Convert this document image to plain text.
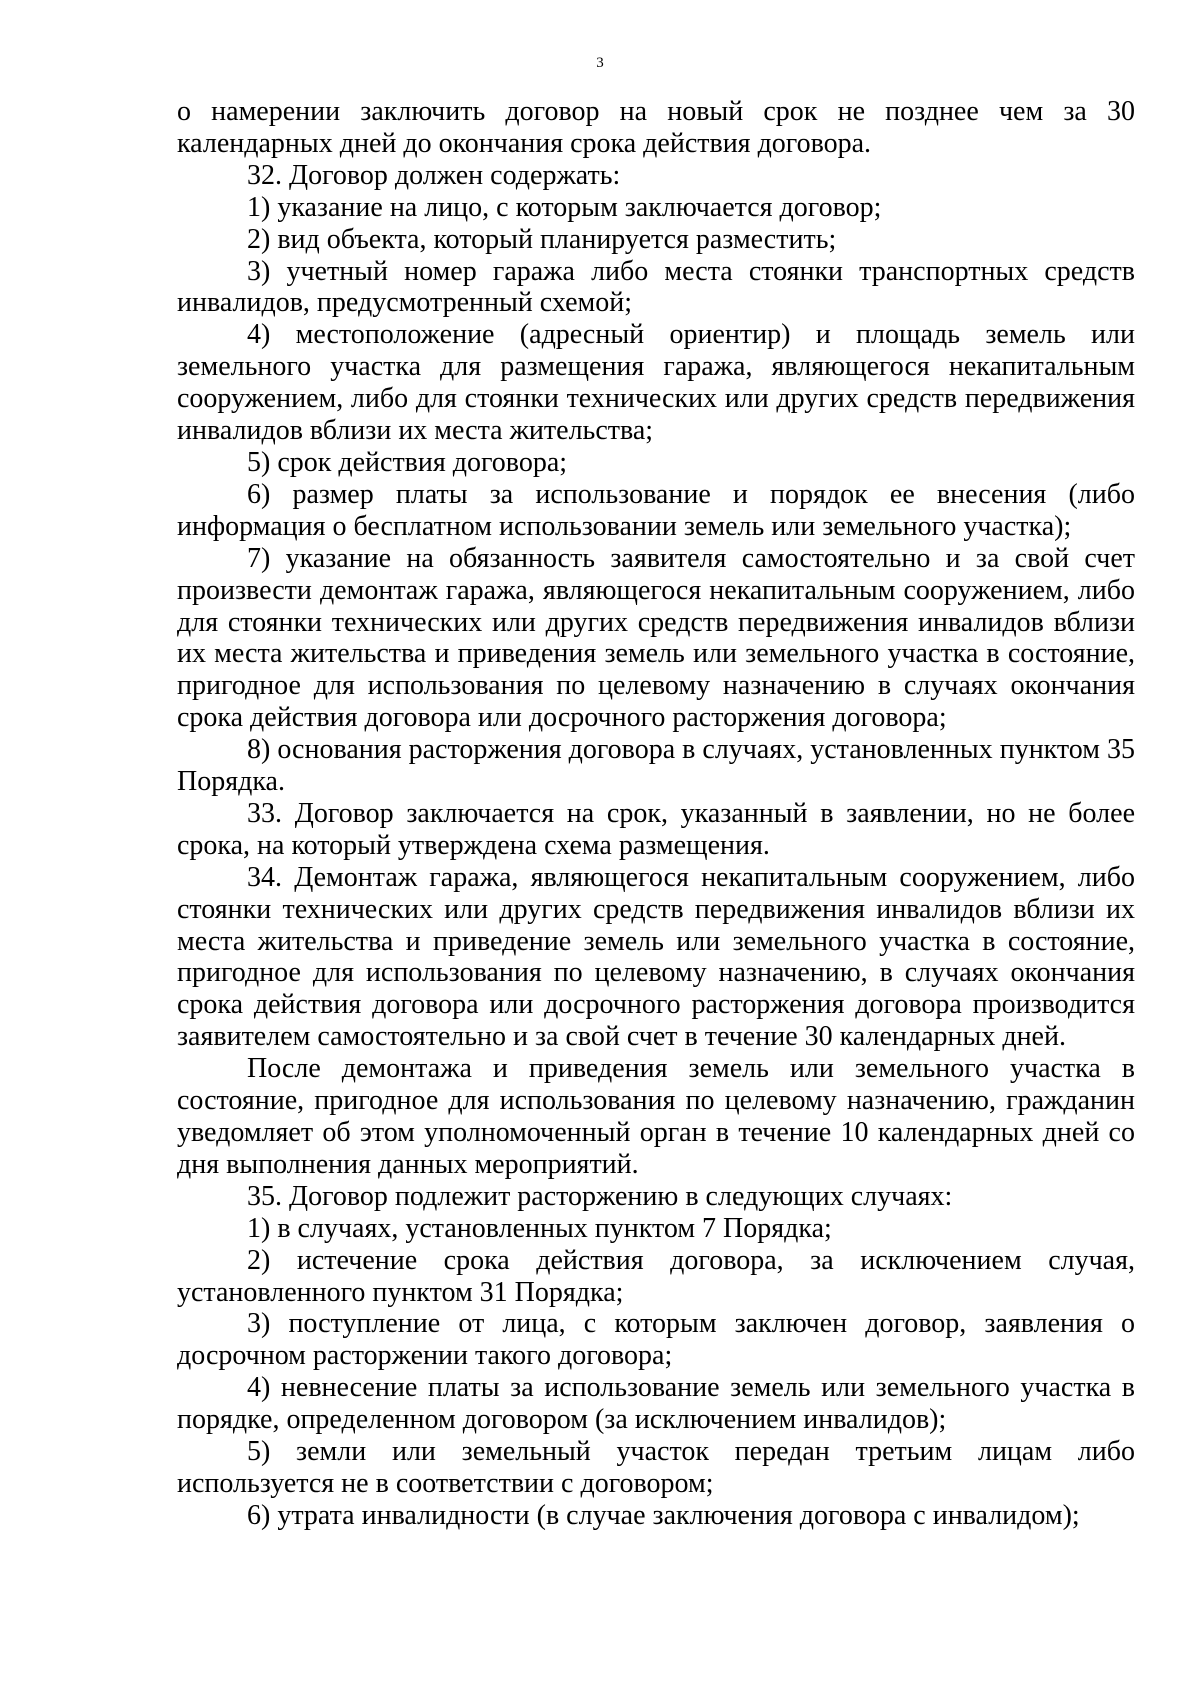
3

о намерении заключить договор на новый срок не позднее чем за 30 календарных дней до окончания срока действия договора.

32. Договор должен содержать:

1) указание на лицо, с которым заключается договор;

2) вид объекта, который планируется разместить;

3) учетный номер гаража либо места стоянки транспортных средств инвалидов, предусмотренный схемой;

4) местоположение (адресный ориентир) и площадь земель или земельного участка для размещения гаража, являющегося некапитальным сооружением, либо для стоянки технических или других средств передвижения инвалидов вблизи их места жительства;

5) срок действия договора;

6) размер платы за использование и порядок ее внесения (либо информация о бесплатном использовании земель или земельного участка);

7) указание на обязанность заявителя самостоятельно и за свой счет произвести демонтаж гаража, являющегося некапитальным сооружением, либо для стоянки технических или других средств передвижения инвалидов вблизи их места жительства и приведения земель или земельного участка в состояние, пригодное для использования по целевому назначению в случаях окончания срока действия договора или досрочного расторжения договора;

8) основания расторжения договора в случаях, установленных пунктом 35 Порядка.

33. Договор заключается на срок, указанный в заявлении, но не более срока, на который утверждена схема размещения.

34. Демонтаж гаража, являющегося некапитальным сооружением, либо стоянки технических или других средств передвижения инвалидов вблизи их места жительства и приведение земель или земельного участка в состояние, пригодное для использования по целевому назначению, в случаях окончания срока действия договора или досрочного расторжения договора производится заявителем самостоятельно и за свой счет в течение 30 календарных дней.

После демонтажа и приведения земель или земельного участка в состояние, пригодное для использования по целевому назначению, гражданин уведомляет об этом уполномоченный орган в течение 10 календарных дней со дня выполнения данных мероприятий.

35. Договор подлежит расторжению в следующих случаях:

1) в случаях, установленных пунктом 7 Порядка;

2) истечение срока действия договора, за исключением случая, установленного пунктом 31 Порядка;

3) поступление от лица, с которым заключен договор, заявления о досрочном расторжении такого договора;

4) невнесение платы за использование земель или земельного участка в порядке, определенном договором (за исключением инвалидов);

5) земли или земельный участок передан третьим лицам либо используется не в соответствии с договором;

6) утрата инвалидности (в случае заключения договора с инвалидом);
